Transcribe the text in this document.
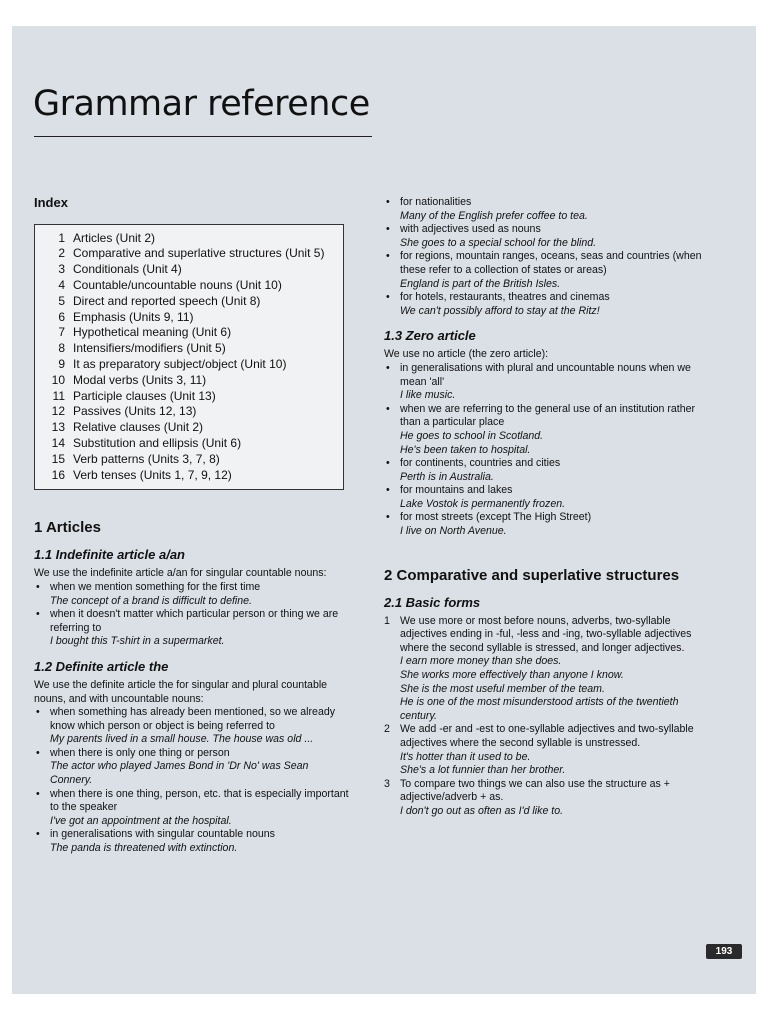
Grammar reference

Index

1 Articles (Unit 2)
2 Comparative and superlative structures (Unit 5)
3 Conditionals (Unit 4)
4 Countable/uncountable nouns (Unit 10)
5 Direct and reported speech (Unit 8)
6 Emphasis (Units 9, 11)
7 Hypothetical meaning (Unit 6)
8 Intensifiers/modifiers (Unit 5)
9 It as preparatory subject/object (Unit 10)
10 Modal verbs (Units 3, 11)
11 Participle clauses (Unit 13)
12 Passives (Units 12, 13)
13 Relative clauses (Unit 2)
14 Substitution and ellipsis (Unit 6)
15 Verb patterns (Units 3, 7, 8)
16 Verb tenses (Units 1, 7, 9, 12)

1 Articles

1.1 Indefinite article a/an

We use the indefinite article a/an for singular countable nouns:

• when we mention something for the first time
The concept of a brand is difficult to define.
• when it doesn't matter which particular person or thing we are referring to
I bought this T-shirt in a supermarket.

1.2 Definite article the

We use the definite article the for singular and plural countable nouns, and with uncountable nouns:

• when something has already been mentioned, so we already know which person or object is being referred to
My parents lived in a small house. The house was old ...
• when there is only one thing or person
The actor who played James Bond in 'Dr No' was Sean Connery.
• when there is one thing, person, etc. that is especially important to the speaker
I've got an appointment at the hospital.
• in generalisations with singular countable nouns
The panda is threatened with extinction.
• for nationalities
Many of the English prefer coffee to tea.
• with adjectives used as nouns
She goes to a special school for the blind.
• for regions, mountain ranges, oceans, seas and countries (when these refer to a collection of states or areas)
England is part of the British Isles.
• for hotels, restaurants, theatres and cinemas
We can't possibly afford to stay at the Ritz!

1.3 Zero article

We use no article (the zero article):

• in generalisations with plural and uncountable nouns when we mean 'all'
I like music.
• when we are referring to the general use of an institution rather than a particular place
He goes to school in Scotland.
He's been taken to hospital.
• for continents, countries and cities
Perth is in Australia.
• for mountains and lakes
Lake Vostok is permanently frozen.
• for most streets (except The High Street)
I live on North Avenue.

2 Comparative and superlative structures

2.1 Basic forms

1 We use more or most before nouns, adverbs, two-syllable adjectives ending in -ful, -less and -ing, two-syllable adjectives where the second syllable is stressed, and longer adjectives.
I earn more money than she does.
She works more effectively than anyone I know.
She is the most useful member of the team.
He is one of the most misunderstood artists of the twentieth century.
2 We add -er and -est to one-syllable adjectives and two-syllable adjectives where the second syllable is unstressed.
It's hotter than it used to be.
She's a lot funnier than her brother.
3 To compare two things we can also use the structure as + adjective/adverb + as.
I don't go out as often as I'd like to.
193
